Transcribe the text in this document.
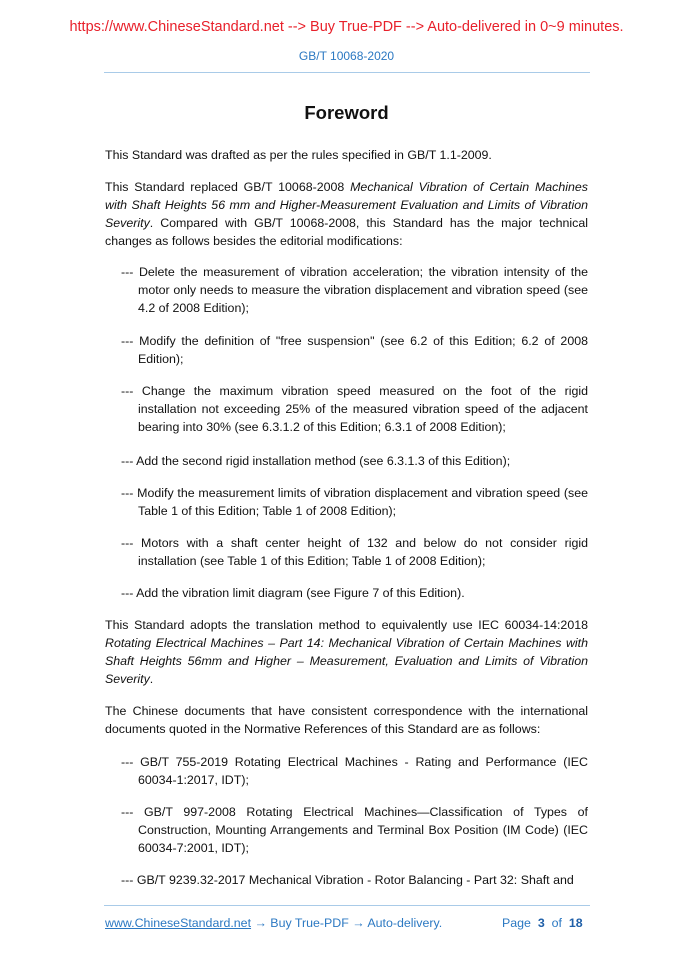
https://www.ChineseStandard.net --> Buy True-PDF --> Auto-delivered in 0~9 minutes.
GB/T 10068-2020
Foreword
This Standard was drafted as per the rules specified in GB/T 1.1-2009.
This Standard replaced GB/T 10068-2008 Mechanical Vibration of Certain Machines with Shaft Heights 56 mm and Higher-Measurement Evaluation and Limits of Vibration Severity. Compared with GB/T 10068-2008, this Standard has the major technical changes as follows besides the editorial modifications:
--- Delete the measurement of vibration acceleration; the vibration intensity of the motor only needs to measure the vibration displacement and vibration speed (see 4.2 of 2008 Edition);
--- Modify the definition of "free suspension" (see 6.2 of this Edition; 6.2 of 2008 Edition);
--- Change the maximum vibration speed measured on the foot of the rigid installation not exceeding 25% of the measured vibration speed of the adjacent bearing into 30% (see 6.3.1.2 of this Edition; 6.3.1 of 2008 Edition);
--- Add the second rigid installation method (see 6.3.1.3 of this Edition);
--- Modify the measurement limits of vibration displacement and vibration speed (see Table 1 of this Edition; Table 1 of 2008 Edition);
--- Motors with a shaft center height of 132 and below do not consider rigid installation (see Table 1 of this Edition; Table 1 of 2008 Edition);
--- Add the vibration limit diagram (see Figure 7 of this Edition).
This Standard adopts the translation method to equivalently use IEC 60034-14:2018 Rotating Electrical Machines – Part 14: Mechanical Vibration of Certain Machines with Shaft Heights 56mm and Higher – Measurement, Evaluation and Limits of Vibration Severity.
The Chinese documents that have consistent correspondence with the international documents quoted in the Normative References of this Standard are as follows:
--- GB/T 755-2019 Rotating Electrical Machines - Rating and Performance (IEC 60034-1:2017, IDT);
--- GB/T 997-2008 Rotating Electrical Machines—Classification of Types of Construction, Mounting Arrangements and Terminal Box Position (IM Code) (IEC 60034-7:2001, IDT);
--- GB/T 9239.32-2017 Mechanical Vibration - Rotor Balancing - Part 32: Shaft and
www.ChineseStandard.net → Buy True-PDF → Auto-delivery.	Page 3 of 18
